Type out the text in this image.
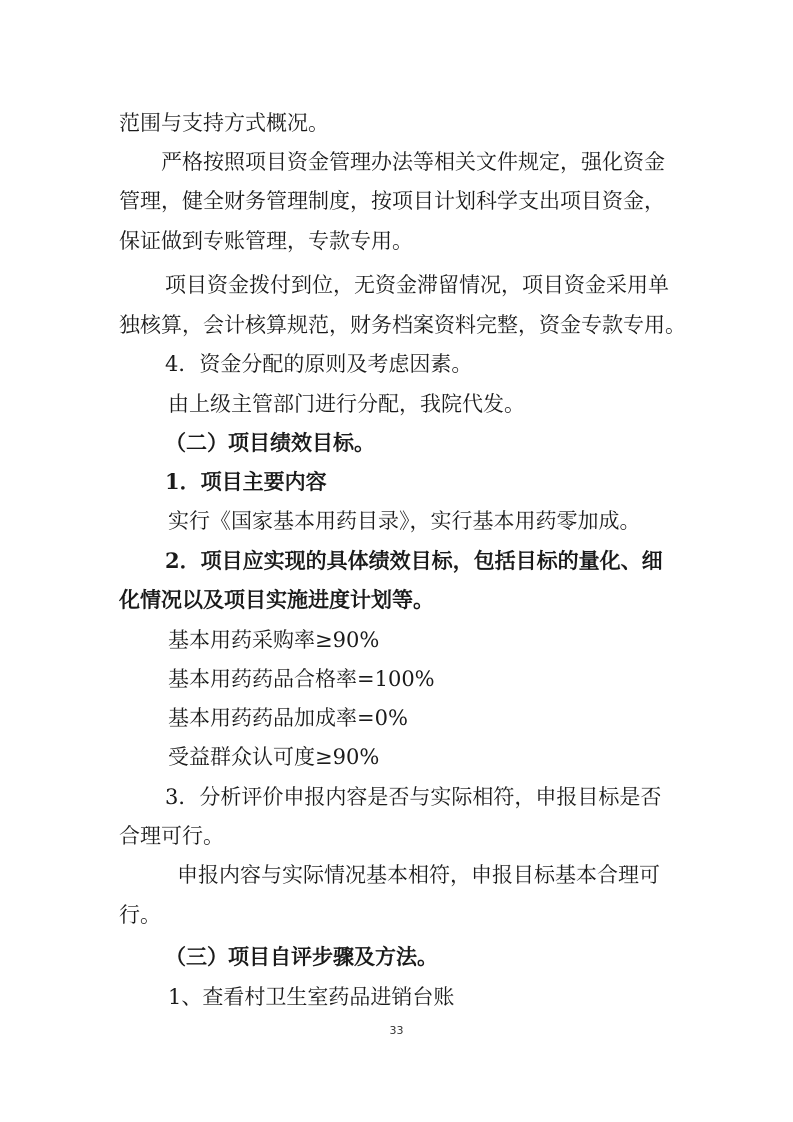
范围与支持方式概况。
严格按照项目资金管理办法等相关文件规定，强化资金
管理，健全财务管理制度，按项目计划科学支出项目资金，
保证做到专账管理，专款专用。
项目资金拨付到位，无资金滞留情况，项目资金采用单
独核算，会计核算规范，财务档案资料完整，资金专款专用。
4．资金分配的原则及考虑因素。
由上级主管部门进行分配，我院代发。
（二）项目绩效目标。
1．项目主要内容
实行《国家基本用药目录》，实行基本用药零加成。
2．项目应实现的具体绩效目标，包括目标的量化、细
化情况以及项目实施进度计划等。
基本用药采购率≥90%
基本用药药品合格率=100%
基本用药药品加成率=0%
受益群众认可度≥90%
3．分析评价申报内容是否与实际相符，申报目标是否
合理可行。
申报内容与实际情况基本相符，申报目标基本合理可
行。
（三）项目自评步骤及方法。
1、查看村卫生室药品进销台账
33
